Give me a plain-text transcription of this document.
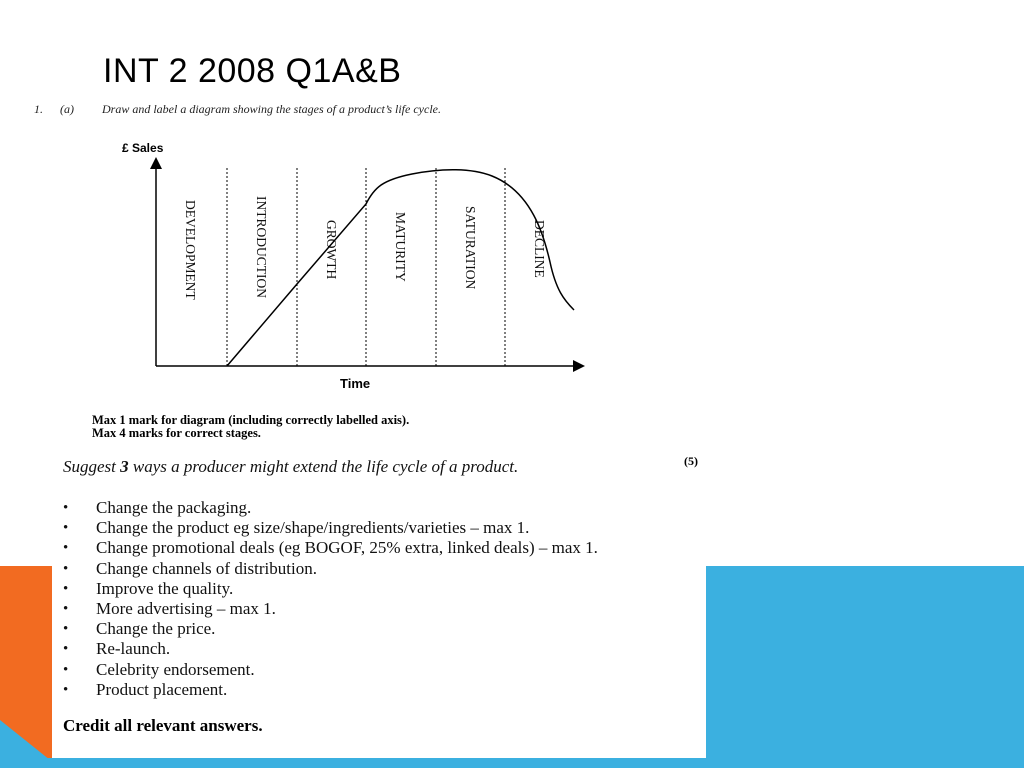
INT 2 2008 Q1A&B
1. (a) Draw and label a diagram showing the stages of a product’s life cycle.
£ Sales
Time
DEVELOPMENT	INTRODUCTION	GROWTH	MATURITY	SATURATION	DECLINE
Max 1 mark for diagram (including correctly labelled axis).
Max 4 marks for correct stages.
Suggest 3 ways a producer might extend the life cycle of a product.
• Change the packaging.
• Change the product eg size/shape/ingredients/varieties – max 1.
• Change promotional deals (eg BOGOF, 25% extra, linked deals) – max 1.
• Change channels of distribution.
• Improve the quality.
• More advertising – max 1.
• Change the price.
• Re-launch.
• Celebrity endorsement.
• Product placement.
Credit all relevant answers.
(5)
